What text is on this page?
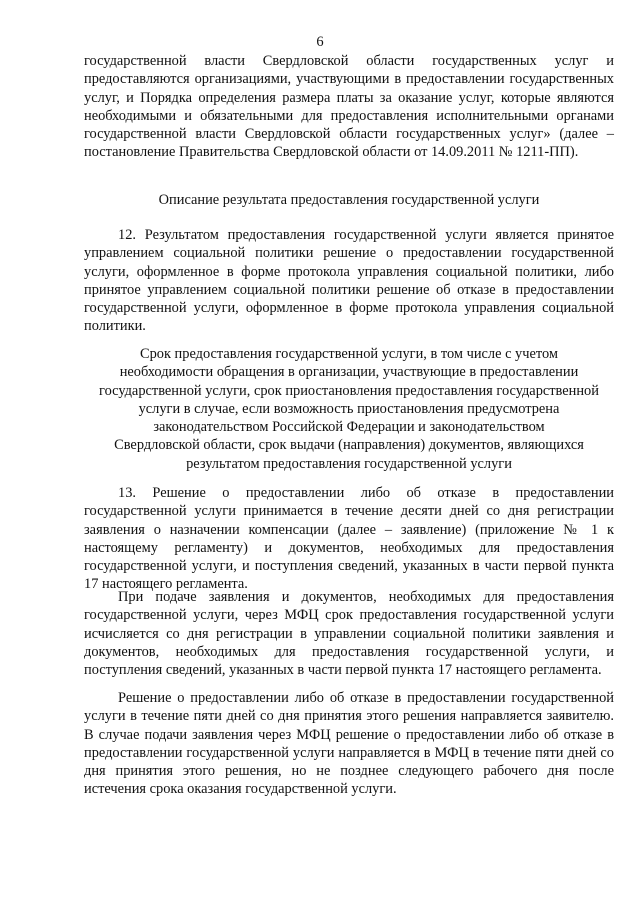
6

государственной власти Свердловской области государственных услуг и предоставляются организациями, участвующими в предоставлении государственных услуг, и Порядка определения размера платы за оказание услуг, которые являются необходимыми и обязательными для предоставления исполнительными органами государственной власти Свердловской области государственных услуг» (далее – постановление Правительства Свердловской области от 14.09.2011 № 1211-ПП).

Описание результата предоставления государственной услуги

12. Результатом предоставления государственной услуги является принятое управлением социальной политики решение о предоставлении государственной услуги, оформленное в форме протокола управления социальной политики, либо принятое управлением социальной политики решение об отказе в предоставлении государственной услуги, оформленное в форме протокола управления социальной политики.

Срок предоставления государственной услуги, в том числе с учетом
необходимости обращения в организации, участвующие в предоставлении
государственной услуги, срок приостановления предоставления государственной
услуги в случае, если возможность приостановления предусмотрена
законодательством Российской Федерации и законодательством
Свердловской области, срок выдачи (направления) документов, являющихся
результатом предоставления государственной услуги

13. Решение о предоставлении либо об отказе в предоставлении государственной услуги принимается в течение десяти дней со дня регистрации заявления о назначении компенсации (далее – заявление) (приложение № 1 к настоящему регламенту) и документов, необходимых для предоставления государственной услуги, и поступления сведений, указанных в части первой пункта 17 настоящего регламента.

При подаче заявления и документов, необходимых для предоставления государственной услуги, через МФЦ срок предоставления государственной услуги исчисляется со дня регистрации в управлении социальной политики заявления и документов, необходимых для предоставления государственной услуги, и поступления сведений, указанных в части первой пункта 17 настоящего регламента.

Решение о предоставлении либо об отказе в предоставлении государственной услуги в течение пяти дней со дня принятия этого решения направляется заявителю. В случае подачи заявления через МФЦ решение о предоставлении либо об отказе в предоставлении государственной услуги направляется в МФЦ в течение пяти дней со дня принятия этого решения, но не позднее следующего рабочего дня после истечения срока оказания государственной услуги.
